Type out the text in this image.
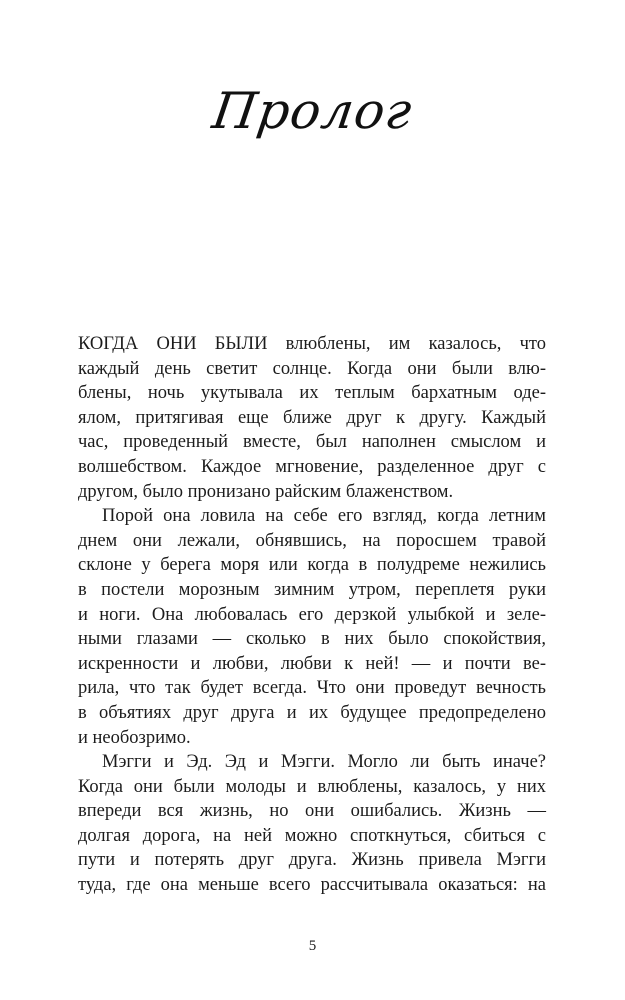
Пролог
КОГДА ОНИ БЫЛИ влюблены, им казалось, что
каждый день светит солнце. Когда они были влю-
блены, ночь укутывала их теплым бархатным оде-
ялом, притягивая еще ближе друг к другу. Каждый
час, проведенный вместе, был наполнен смыслом и
волшебством. Каждое мгновение, разделенное друг с
другом, было пронизано райским блаженством.
Порой она ловила на себе его взгляд, когда летним
днем они лежали, обнявшись, на поросшем травой
склоне у берега моря или когда в полудреме нежились
в постели морозным зимним утром, переплетя руки
и ноги. Она любовалась его дерзкой улыбкой и зеле-
ными глазами — сколько в них было спокойствия,
искренности и любви, любви к ней! — и почти ве-
рила, что так будет всегда. Что они проведут вечность
в объятиях друг друга и их будущее предопределено
и необозримо.
Мэгги и Эд. Эд и Мэгги. Могло ли быть иначе?
Когда они были молоды и влюблены, казалось, у них
впереди вся жизнь, но они ошибались. Жизнь —
долгая дорога, на ней можно споткнуться, сбиться с
пути и потерять друг друга. Жизнь привела Мэгги
туда, где она меньше всего рассчитывала оказаться: на
5
